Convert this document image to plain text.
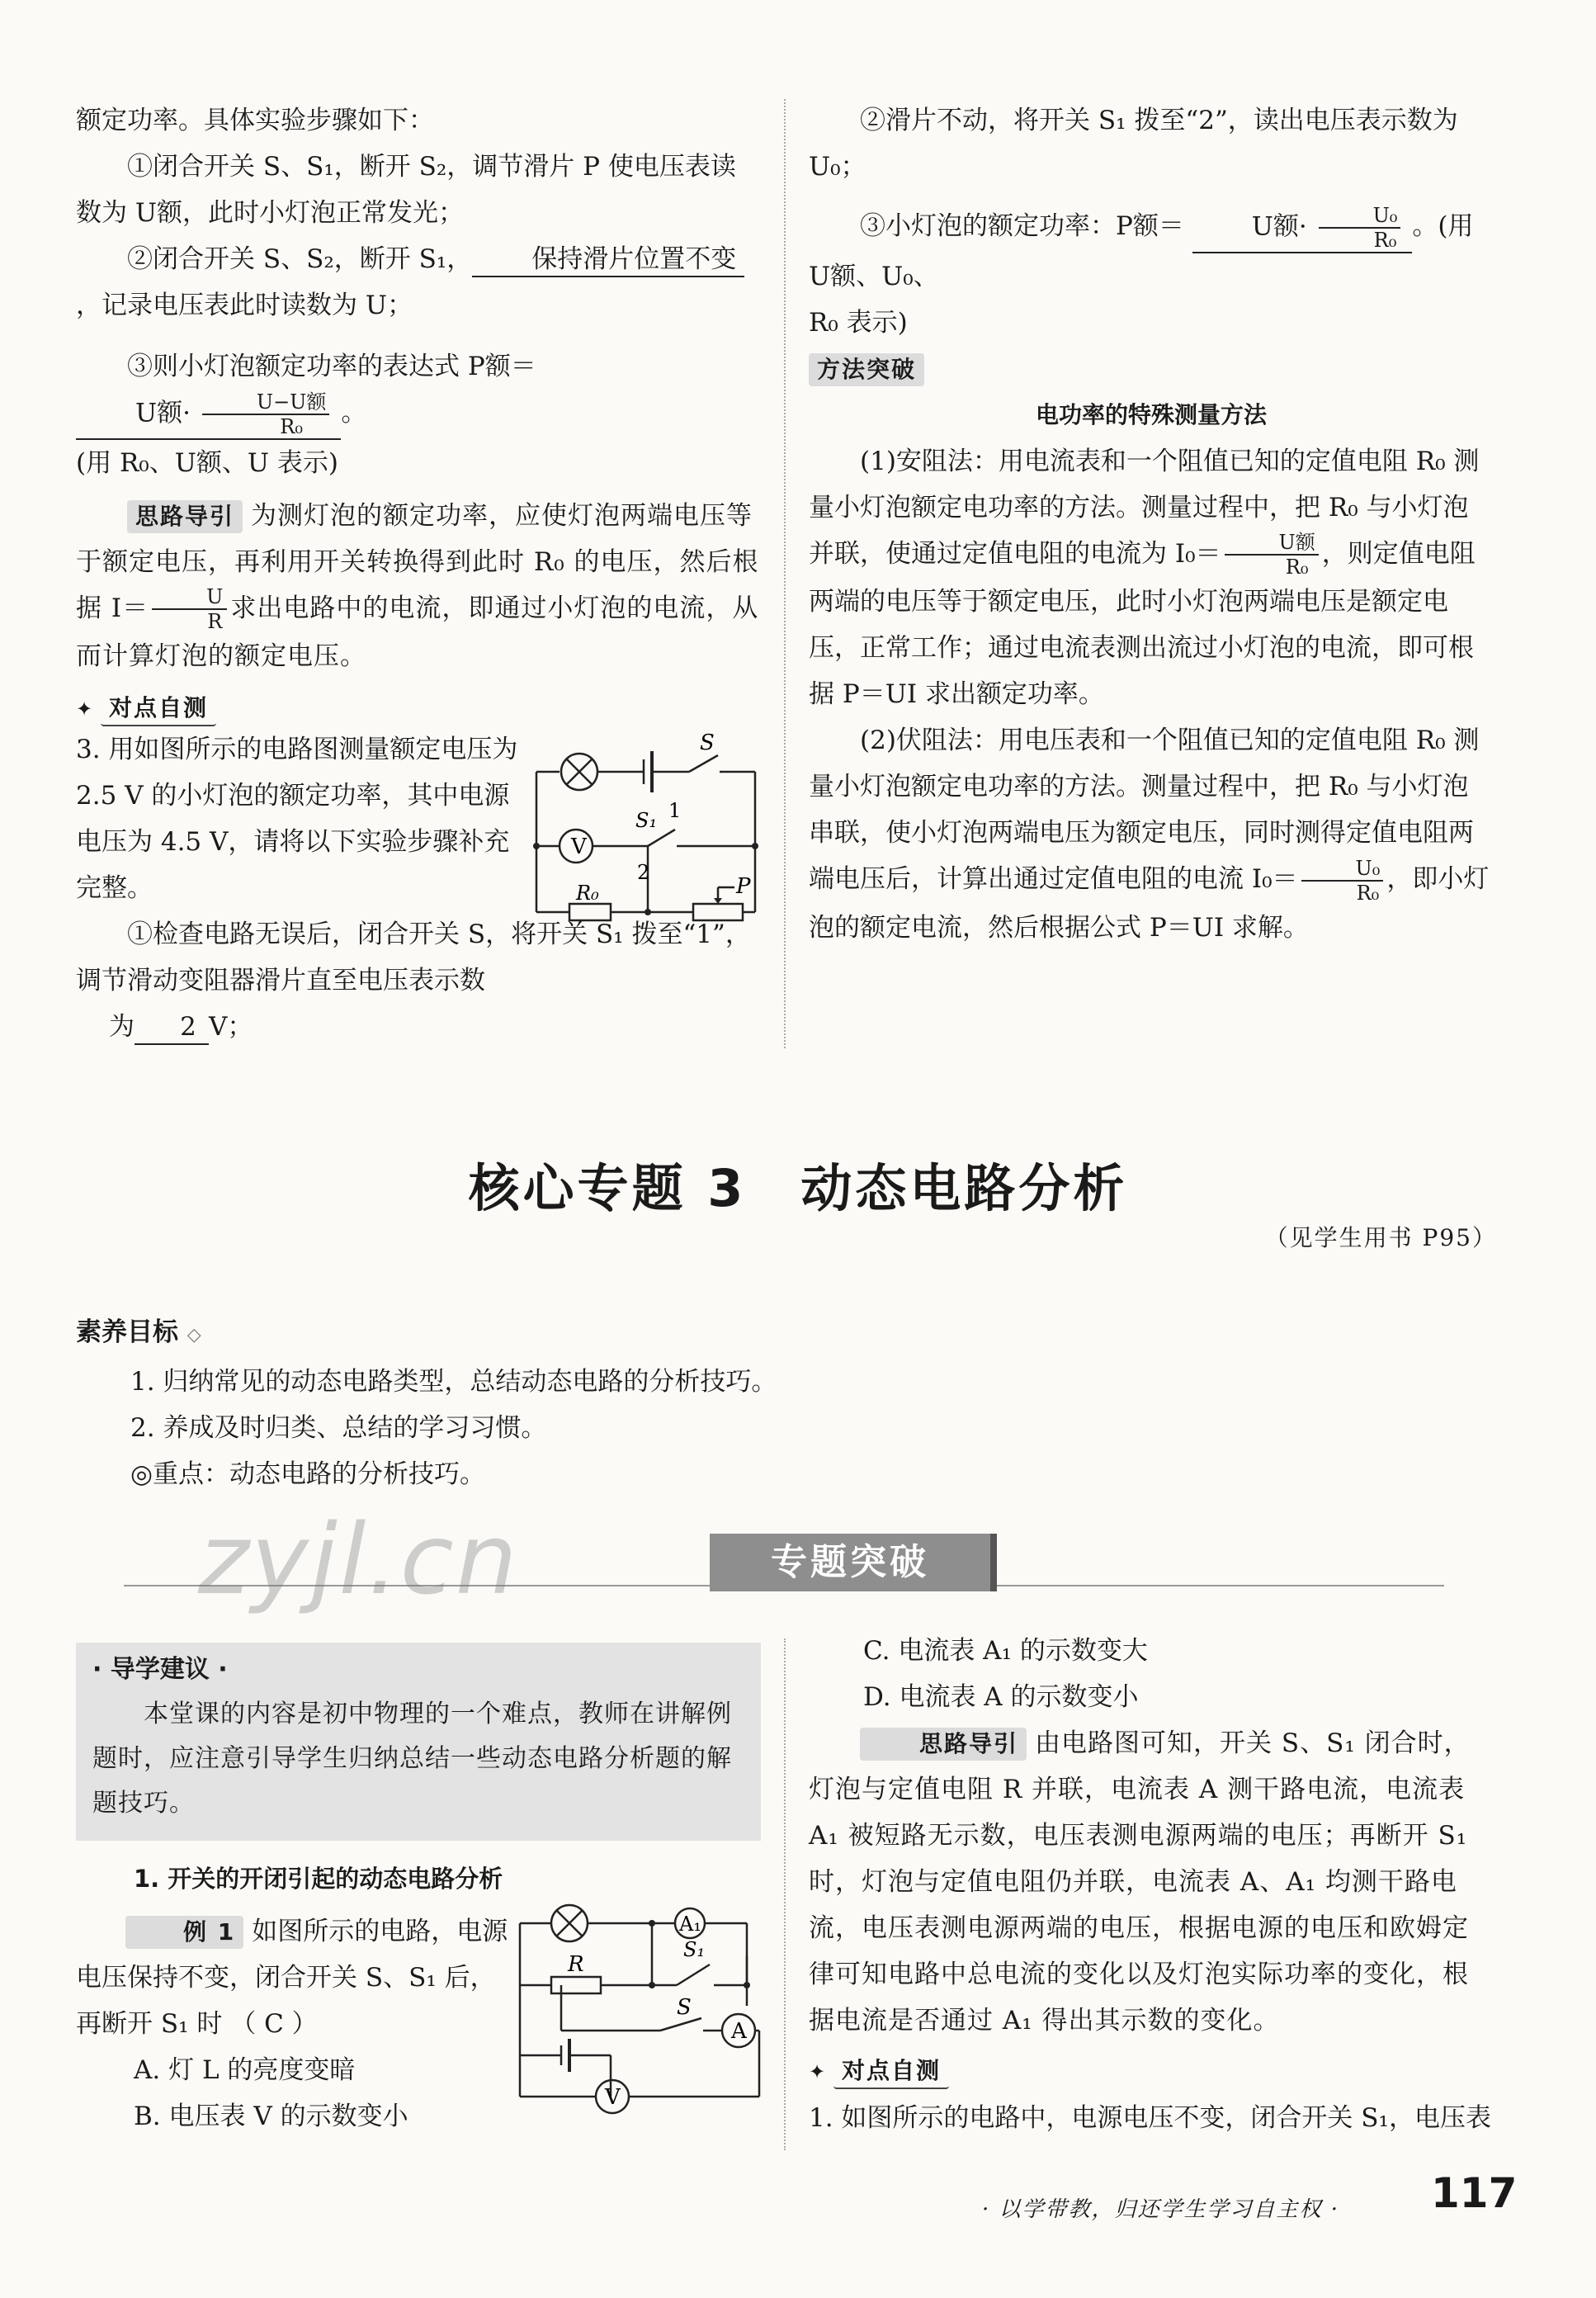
额定功率。具体实验步骤如下：

①闭合开关 S、S₁，断开 S₂，调节滑片 P 使电压表读数为 U额，此时小灯泡正常发光；

②闭合开关 S、S₂，断开 S₁， 保持滑片位置不变，记录电压表此时读数为 U；

③则小灯泡额定功率的表达式 P额＝ U额· $\frac{\text{U−U额}}{\text{R₀}}$ 。

(用 R₀、U额、U 表示)

思路导引 为测灯泡的额定功率，应使灯泡两端电压等于额定电压，再利用开关转换得到此时 R₀ 的电压，然后根据 $I= \frac{U}{R}$ 求出电路中的电流，即通过小灯泡的电流，从而计算灯泡的额定电压。

✦ 对点自测

3. 用如图所示的电路图测量额定电压为 2.5 V 的小灯泡的额定功率，其中电源电压为 4.5 V，请将以下实验步骤补充完整。

①检查电路无误后，闭合开关 S，将开关 S₁ 拨至“1”，调节滑动变阻器滑片直至电压表示数

为 2 V；

S
V
S₁ 1
2
R₀	P

②滑片不动，将开关 S₁ 拨至“2”，读出电压表示数为 U₀；

③小灯泡的额定功率：P额＝	U额· $\frac{\text{U₀}}{\text{R₀}}$ 。(用 U额、U₀、

R₀ 表示)

方法突破

电功率的特殊测量方法

(1)安阻法：用电流表和一个阻值已知的定值电阻 R₀ 测量小灯泡额定电功率的方法。测量过程中，把 R₀ 与小灯泡并联，使通过定值电阻的电流为 $I_0= \frac{\text{U额}}{\text{R₀}}$ ，则定值电阻两端的电压等于额定电压，此时小灯泡两端电压是额定电压，正常工作；通过电流表测出流过小灯泡的电流，即可根据 P＝UI 求出额定功率。

(2)伏阻法：用电压表和一个阻值已知的定值电阻 R₀ 测量小灯泡额定电功率的方法。测量过程中，把 R₀ 与小灯泡串联，使小灯泡两端电压为额定电压，同时测得定值电阻两端电压后，计算出通过定值电阻的电流 $I_0= \frac{\text{U₀}}{\text{R₀}}$ ，即小灯泡的额定电流，然后根据公式 P＝UI 求解。

核心专题 3　动态电路分析
（见学生用书 P95）

素养目标 ◇

1. 归纳常见的动态电路类型，总结动态电路的分析技巧。

2. 养成及时归类、总结的学习习惯。

◎重点：动态电路的分析技巧。

zyjl.cn	专题突破
· 导学建议 ·
本堂课的内容是初中物理的一个难点，教师在讲解例题时，应注意引导学生归纳总结一些动态电路分析题的解题技巧。

1. 开关的开闭引起的动态电路分析

例 1 如图所示的电路，电源电压保持不变，闭合开关 S、S₁ 后，再断开 S₁ 时 （ C ）

A. 灯 L 的亮度变暗

B. 电压表 V 的示数变小

A₁
A
R
S₁
S
V

C. 电流表 A₁ 的示数变大

D. 电流表 A 的示数变小

思路导引 由电路图可知，开关 S、S₁ 闭合时，灯泡与定值电阻 R 并联，电流表 A 测干路电流，电流表 A₁ 被短路无示数，电压表测电源两端的电压；再断开 S₁ 时，灯泡与定值电阻仍并联，电流表 A、A₁ 均测干路电流，电压表测电源两端的电压，根据电源的电压和欧姆定律可知电路中总电流的变化以及灯泡实际功率的变化，根据电流是否通过 A₁ 得出其示数的变化。

✦ 对点自测

1. 如图所示的电路中，电源电压不变，闭合开关 S₁，电压表

· 以学带教，归还学生学习自主权 · 117
